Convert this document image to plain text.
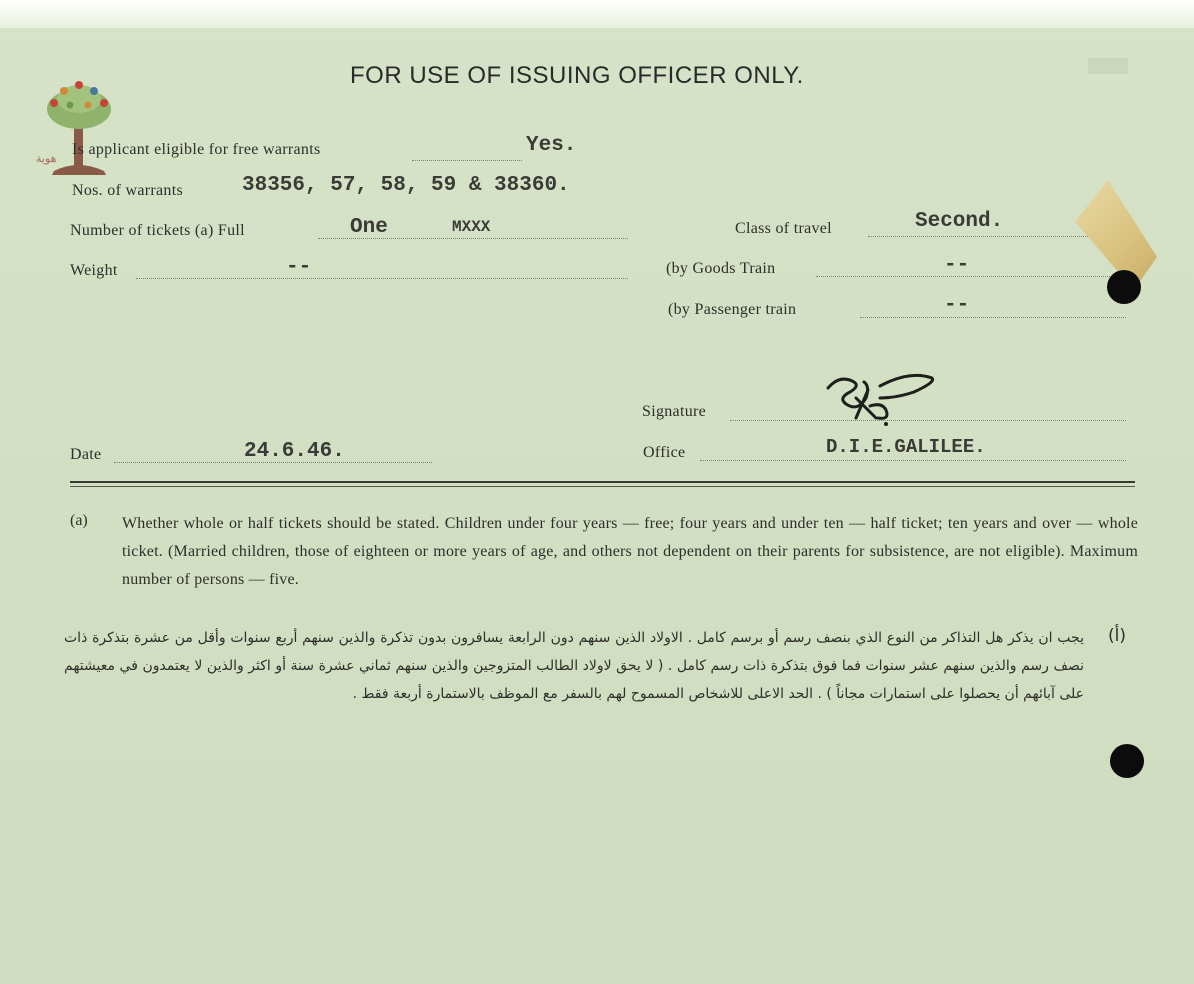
هوية
FOR USE OF ISSUING OFFICER ONLY.
Is applicant eligible for free warrants	Yes.
Nos. of warrants	38356, 57, 58, 59 & 38360.
Number of tickets (a) Full	One	MXXX	Class of travel	Second.
Weight	--	(by Goods Train	--
(by Passenger train	--
Signature
Date	24.6.46.	Office	D.I.E.GALILEE.
(a) Whether whole or half tickets should be stated. Children under four years — free; four years and under ten — half ticket; ten years and over — whole ticket. (Married children, those of eighteen or more years of age, and others not dependent on their parents for subsistence, are not eligible). Maximum number of persons — five.
(أ)
يجب ان يذكر هل التذاكر من النوع الذي بنصف رسم أو برسم كامل . الاولاد الذين سنهم دون الرابعة يسافرون بدون تذكرة والذين سنهم أربع سنوات وأقل من عشرة بتذكرة ذات نصف رسم والذين سنهم عشر سنوات فما فوق بتذكرة ذات رسم كامل . ( لا يحق لاولاد الطالب المتزوجين والذين سنهم ثماني عشرة سنة أو اكثر والذين لا يعتمدون في معيشتهم على آبائهم أن يحصلوا على استمارات مجاناً ) . الحد الاعلى للاشخاص المسموح لهم بالسفر مع الموظف بالاستمارة أربعة فقط .
